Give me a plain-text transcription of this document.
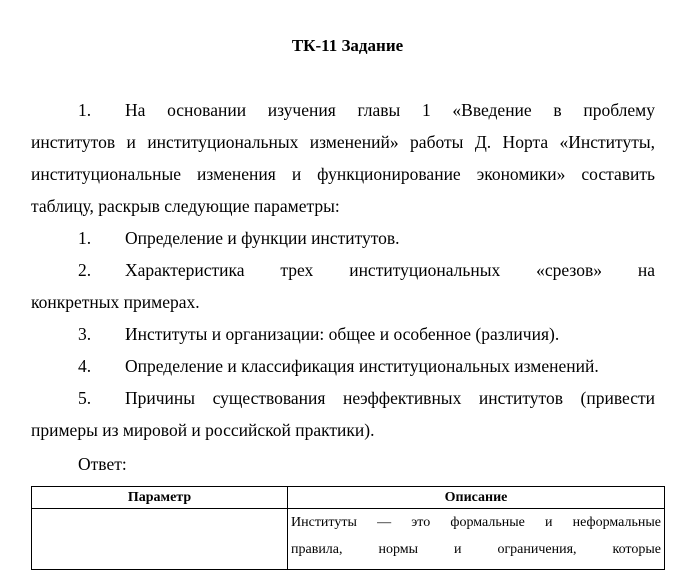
ТК-11 Задание
1. На основании изучения главы 1 «Введение в проблему
институтов и институциональных изменений» работы Д. Норта «Институты,
институциональные изменения и функционирование экономики» составить
таблицу, раскрыв следующие параметры:
1. Определение и функции институтов.
2. Характеристика трех институциональных «срезов» на
конкретных примерах.
3. Институты и организации: общее и особенное (различия).
4. Определение и классификация институциональных изменений.
5. Причины существования неэффективных институтов (привести
примеры из мировой и российской практики).
Ответ:
Параметр	Описание

	Институты — это формальные и неформальные
правила, нормы и ограничения, которые
